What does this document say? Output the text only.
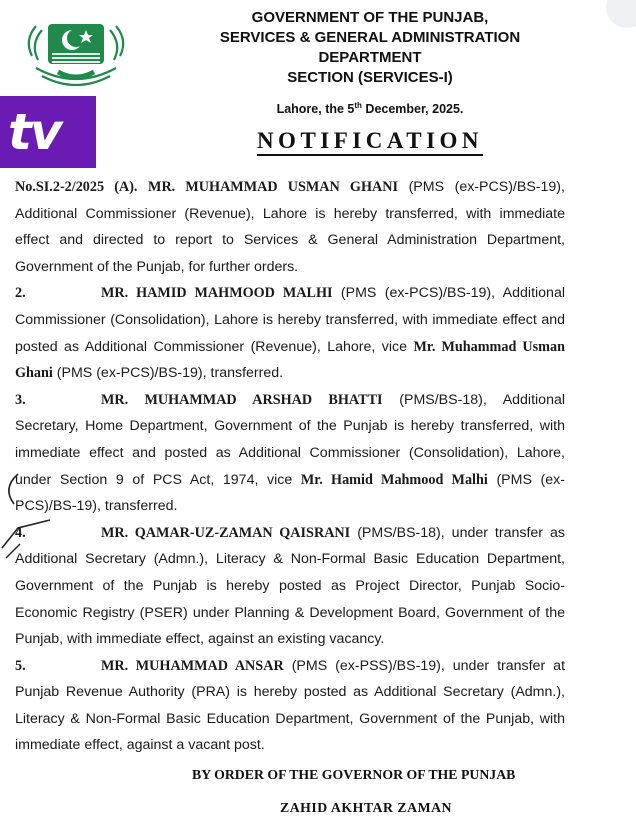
tv
GOVERNMENT OF THE PUNJAB,
SERVICES & GENERAL ADMINISTRATION
DEPARTMENT
SECTION (SERVICES-I)
Lahore, the 5th December, 2025.
NOTIFICATION

No.SI.2-2/2025 (A). MR. MUHAMMAD USMAN GHANI (PMS (ex-PCS)/BS-19), Additional Commissioner (Revenue), Lahore is hereby transferred, with immediate effect and directed to report to Services & General Administration Department, Government of the Punjab, for further orders.

2.	MR. HAMID MAHMOOD MALHI (PMS (ex-PCS)/BS-19), Additional Commissioner (Consolidation), Lahore is hereby transferred, with immediate effect and posted as Additional Commissioner (Revenue), Lahore, vice Mr. Muhammad Usman Ghani (PMS (ex-PCS)/BS-19), transferred.

3.	MR. MUHAMMAD ARSHAD BHATTI (PMS/BS-18), Additional Secretary, Home Department, Government of the Punjab is hereby transferred, with immediate effect and posted as Additional Commissioner (Consolidation), Lahore, under Section 9 of PCS Act, 1974, vice Mr. Hamid Mahmood Malhi (PMS (ex-PCS)/BS-19), transferred.

4.	MR. QAMAR-UZ-ZAMAN QAISRANI (PMS/BS-18), under transfer as Additional Secretary (Admn.), Literacy & Non-Formal Basic Education Department, Government of the Punjab is hereby posted as Project Director, Punjab Socio-Economic Registry (PSER) under Planning & Development Board, Government of the Punjab, with immediate effect, against an existing vacancy.

5.	MR. MUHAMMAD ANSAR (PMS (ex-PSS)/BS-19), under transfer at Punjab Revenue Authority (PRA) is hereby posted as Additional Secretary (Admn.), Literacy & Non-Formal Basic Education Department, Government of the Punjab, with immediate effect, against a vacant post.

BY ORDER OF THE GOVERNOR OF THE PUNJAB
ZAHID AKHTAR ZAMAN
